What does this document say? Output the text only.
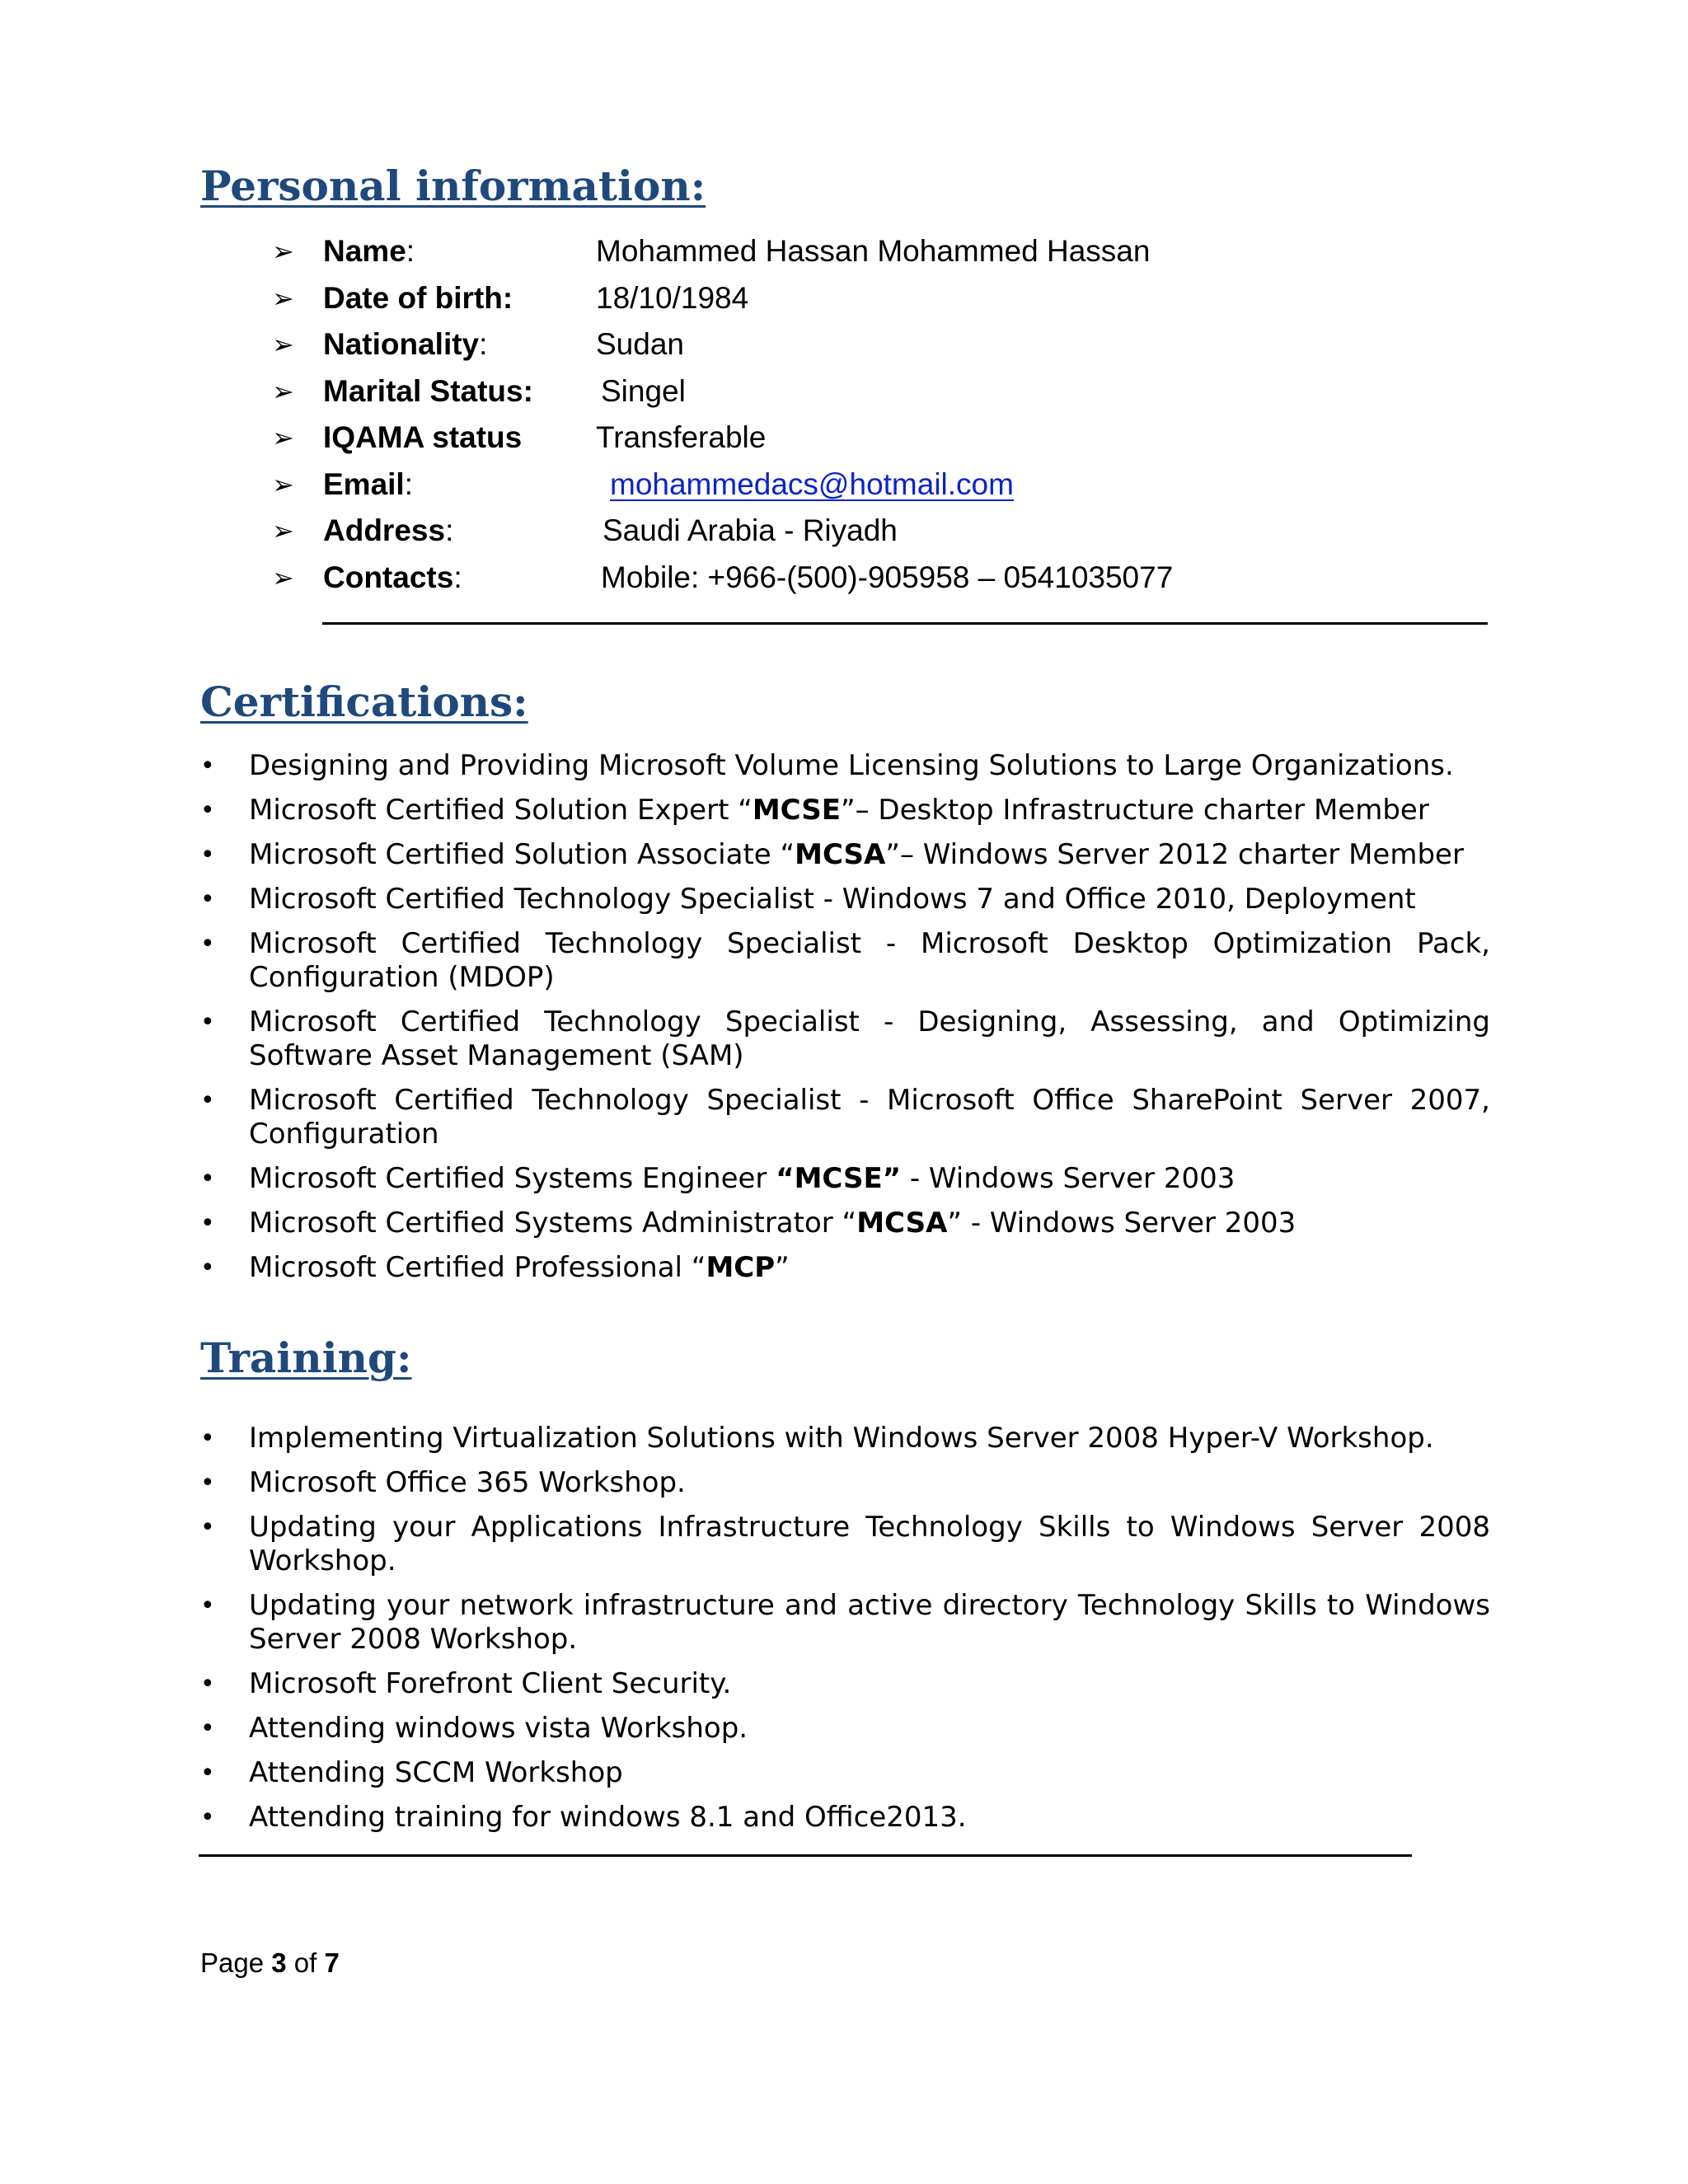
Personal information:
➢ Name:	Mohammed Hassan Mohammed Hassan
➢ Date of birth:	18/10/1984
➢ Nationality:	Sudan
➢ Marital Status: Singel
➢ IQAMA status Transferable
➢ Email:	mohammedacs@hotmail.com
➢ Address:	Saudi Arabia - Riyadh
➢ Contacts:	Mobile: +966-(500)-905958 – 0541035077
Certifications:
• Designing and Providing Microsoft Volume Licensing Solutions to Large Organizations.
• Microsoft Certified Solution Expert “MCSE”– Desktop Infrastructure charter Member
• Microsoft Certified Solution Associate “MCSA”– Windows Server 2012 charter Member
• Microsoft Certified Technology Specialist - Windows 7 and Office 2010, Deployment
• Microsoft Certified Technology Specialist - Microsoft Desktop Optimization Pack, Configuration (MDOP)
• Microsoft Certified Technology Specialist - Designing, Assessing, and Optimizing Software Asset Management (SAM)
• Microsoft Certified Technology Specialist - Microsoft Office SharePoint Server 2007, Configuration
• Microsoft Certified Systems Engineer “MCSE” - Windows Server 2003
• Microsoft Certified Systems Administrator “MCSA” - Windows Server 2003
• Microsoft Certified Professional “MCP”
Training:
• Implementing Virtualization Solutions with Windows Server 2008 Hyper-V Workshop.
• Microsoft Office 365 Workshop.
• Updating your Applications Infrastructure Technology Skills to Windows Server 2008 Workshop.
• Updating your network infrastructure and active directory Technology Skills to Windows Server 2008 Workshop.
• Microsoft Forefront Client Security.
• Attending windows vista Workshop.
• Attending SCCM Workshop
• Attending training for windows 8.1 and Office2013.
Page 3 of 7
